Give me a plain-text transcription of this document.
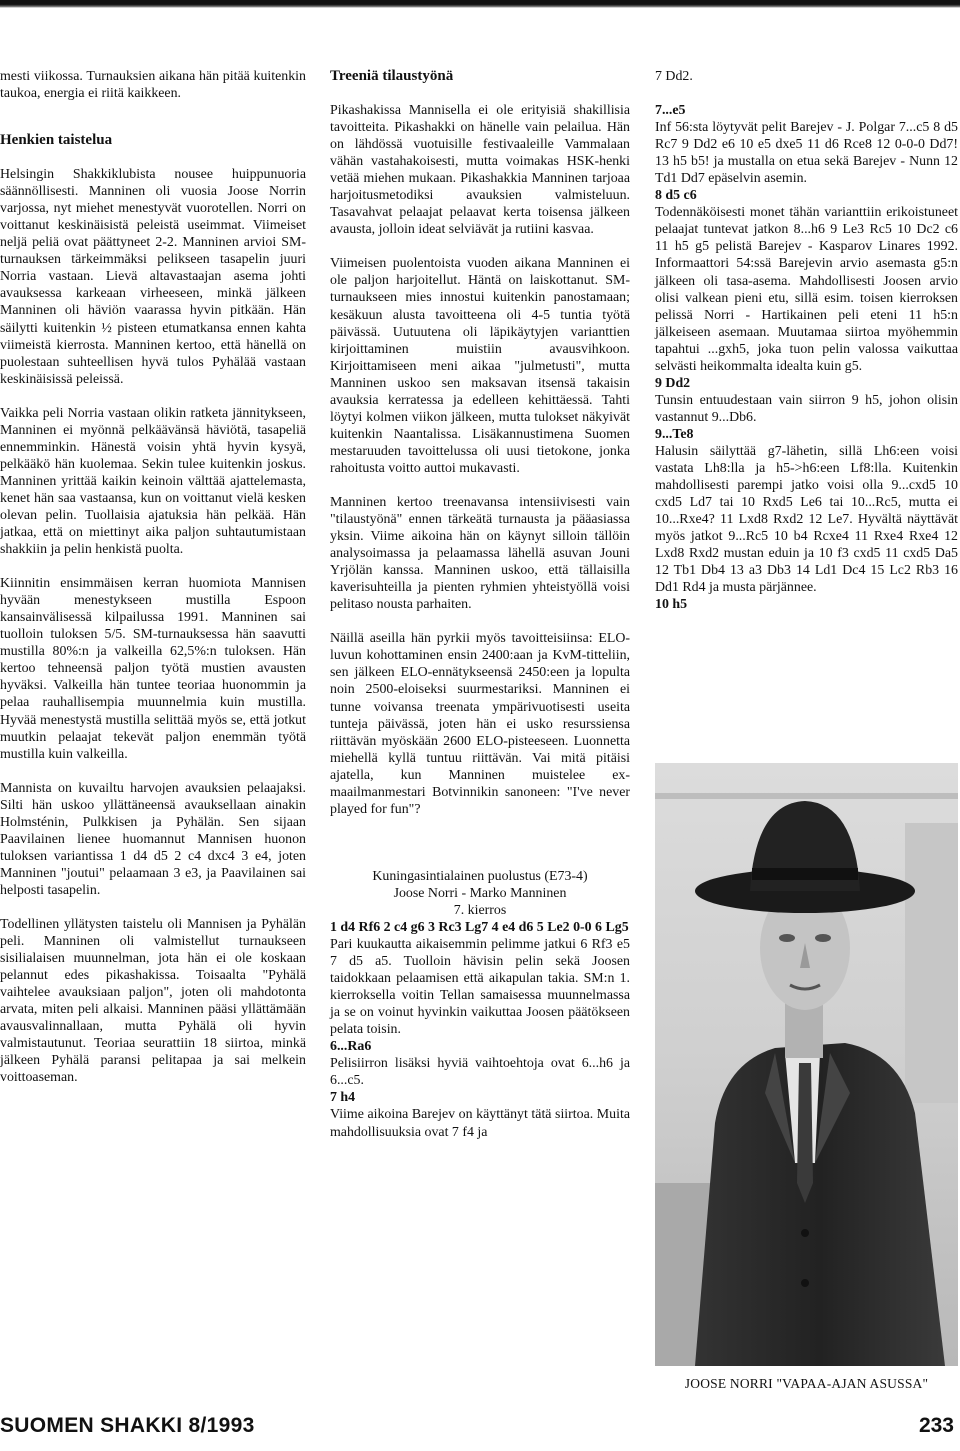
mesti viikossa. Turnauksien aikana hän pitää kuitenkin taukoa, energia ei riitä kaikkeen.

Henkien taistelua

Helsingin Shakkiklubista nousee huippunuoria säännöllisesti. Manninen oli vuosia Joose Norrin varjossa, nyt miehet menestyvät vuorotellen. Norri on voittanut keskinäisistä peleistä useimmat. Viimeiset neljä peliä ovat päättyneet 2-2. Manninen arvioi SM-turnauksen tärkeimmäksi pelikseen tasapelin juuri Norria vastaan. Lievä altavastaajan asema johti avauksessa karkeaan virheeseen, minkä jälkeen Manninen oli häviön vaarassa hyvin pitkään. Hän säilytti kuitenkin ½ pisteen etumatkansa ennen kahta viimeistä kierrosta. Manninen kertoo, että hänellä on puolestaan suhteellisen hyvä tulos Pyhälää vastaan keskinäisissä peleissä.

Vaikka peli Norria vastaan olikin ratketa jännitykseen, Manninen ei myönnä pelkäävänsä häviötä, tasapeliä ennemminkin. Hänestä voisin yhtä hyvin kysyä, pelkääkö hän kuolemaa. Sekin tulee kuitenkin joskus. Manninen yrittää kaikin keinoin välttää ajattelemasta, kenet hän saa vastaansa, kun on voittanut vielä kesken olevan pelin. Tuollaisia ajatuksia hän pelkää. Hän jatkaa, että on miettinyt aika paljon suhtautumistaan shakkiin ja pelin henkistä puolta.

Kiinnitin ensimmäisen kerran huomiota Mannisen hyvään menestykseen mustilla Espoon kansainvälisessä kilpailussa 1991. Manninen sai tuolloin tuloksen 5/5. SM-turnauksessa hän saavutti mustilla 80%:n ja valkeilla 62,5%:n tuloksen. Hän kertoo tehneensä paljon työtä mustien avausten hyväksi. Valkeilla hän tuntee teoriaa huonommin ja pelaa rauhallisempia muunnelmia kuin mustilla. Hyvää menestystä mustilla selittää myös se, että jotkut muutkin pelaajat tekevät paljon enemmän työtä mustilla kuin valkeilla.

Mannista on kuvailtu harvojen avauksien pelaajaksi. Silti hän uskoo yllättäneensä avauksellaan ainakin Holmsténin, Pulkkisen ja Pyhälän. Sen sijaan Paavilainen lienee huomannut Mannisen huonon tuloksen variantissa 1 d4 d5 2 c4 dxc4 3 e4, joten Manninen "joutui" pelaamaan 3 e3, ja Paavilainen sai helposti tasapelin.

Todellinen yllätysten taistelu oli Mannisen ja Pyhälän peli. Manninen oli valmistellut turnaukseen sisilialaisen muunnelman, jota hän ei ole koskaan pelannut edes pikashakissa. Toisaalta "Pyhälä vaihtelee avauksiaan paljon", joten oli mahdotonta arvata, miten peli alkaisi. Manninen pääsi yllättämään avausvalinnallaan, mutta Pyhälä oli hyvin valmistautunut. Teoriaa seurattiin 18 siirtoa, minkä jälkeen Pyhälä paransi pelitapaa ja sai melkein voittoaseman.

Treeniä tilaustyönä

Pikashakissa Mannisella ei ole erityisiä shakillisia tavoitteita. Pikashakki on hänelle vain pelailua. Hän on lähdössä vuotuisille festivaaleille Vammalaan vähän vastahakoisesti, mutta voimakas HSK-henki vetää miehen mukaan. Pikashakkia Manninen tarjoaa harjoitusmetodiksi avauksien valmisteluun. Tasavahvat pelaajat pelaavat kerta toisensa jälkeen avausta, jolloin ideat selviävät ja rutiini kasvaa.

Viimeisen puolentoista vuoden aikana Manninen ei ole paljon harjoitellut. Häntä on laiskottanut. SM-turnaukseen mies innostui kuitenkin panostamaan; kesäkuun alusta tavoitteena oli 4-5 tuntia työtä päivässä. Uutuutena oli läpikäytyjen varianttien kirjoittaminen muistiin avausvihkoon. Kirjoittamiseen meni aikaa "julmetusti", mutta Manninen uskoo sen maksavan itsensä takaisin avauksia kerratessa ja edelleen kehittäessä. Tahti löytyi kolmen viikon jälkeen, mutta tulokset näkyivät kuitenkin Naantalissa. Lisäkannustimena Suomen mestaruuden tavoittelussa oli uusi tietokone, jonka rahoitusta voitto auttoi mukavasti.

Manninen kertoo treenavansa intensiivisesti vain "tilaustyönä" ennen tärkeätä turnausta ja pääasiassa yksin. Viime aikoina hän on käynyt silloin tällöin analysoimassa ja pelaamassa lähellä asuvan Jouni Yrjölän kanssa. Manninen uskoo, että tällaisilla kaverisuhteilla ja pienten ryhmien yhteistyöllä voisi pelitaso nousta parhaiten.

Näillä aseilla hän pyrkii myös tavoitteisiinsa: ELO-luvun kohottaminen ensin 2400:aan ja KvM-titteliin, sen jälkeen ELO-ennätykseensä 2450:een ja lopulta noin 2500-eloiseksi suurmestariksi. Manninen ei tunne voivansa treenata ympärivuotisesti useita tunteja päivässä, joten hän ei usko resurssiensa riittävän myöskään 2600 ELO-pisteeseen. Luonnetta miehellä kyllä tuntuu riittävän. Vai mitä pitäisi ajatella, kun Manninen muistelee ex-maailmanmestari Botvinnikin sanoneen: "I've never played for fun"?

Kuningasintialainen puolustus (E73-4)

Joose Norri - Marko Manninen

7. kierros

1 d4 Rf6 2 c4 g6 3 Rc3 Lg7 4 e4 d6 5 Le2 0-0 6 Lg5

Pari kuukautta aikaisemmin pelimme jatkui 6 Rf3 e5 7 d5 a5. Tuolloin hävisin pelin sekä Joosen taidokkaan pelaamisen että aikapulan takia. SM:n 1. kierroksella voitin Tellan samaisessa muunnelmassa ja se on voinut hyvinkin vaikuttaa Joosen päätökseen pelata toisin.

6...Ra6

Pelisiirron lisäksi hyviä vaihtoehtoja ovat 6...h6 ja 6...c5.

7 h4

Viime aikoina Barejev on käyttänyt tätä siirtoa. Muita mahdollisuuksia ovat 7 f4 ja

7 Dd2.

7...e5

Inf 56:sta löytyvät pelit Barejev - J. Polgar 7...c5 8 d5 Rc7 9 Dd2 e6 10 e5 dxe5 11 d6 Rce8 12 0-0-0 Dd7! 13 h5 b5! ja mustalla on etua sekä Barejev - Nunn 12 Td1 Dd7 epäselvin asemin.

8 d5 c6

Todennäköisesti monet tähän varianttiin erikoistuneet pelaajat tuntevat jatkon 8...h6 9 Le3 Rc5 10 Dc2 c6 11 h5 g5 pelistä Barejev - Kasparov Linares 1992. Informaattori 54:ssä Barejevin arvio asemasta g5:n jälkeen oli tasa-asema. Mahdollisesti Joosen arvio olisi valkean pieni etu, sillä esim. toisen kierroksen pelissä Norri - Hartikainen peli eteni 11 h5:n jälkeiseen asemaan. Muutamaa siirtoa myöhemmin tapahtui ...gxh5, joka tuon pelin valossa vaikuttaa selvästi heikommalta idealta kuin g5.

9 Dd2

Tunsin entuudestaan vain siirron 9 h5, johon olisin vastannut 9...Db6.

9...Te8

Halusin säilyttää g7-lähetin, sillä Lh6:een voisi vastata Lh8:lla ja h5->h6:een Lf8:lla. Kuitenkin mahdollisesti parempi jatko voisi olla 9...cxd5 10 cxd5 Ld7 tai 10 Rxd5 Le6 tai 10...Rc5, mutta ei 10...Rxe4? 11 Lxd8 Rxd2 12 Le7. Hyvältä näyttävät myös jatkot 9...Rc5 10 b4 Rcxe4 11 Rxe4 Rxe4 12 Lxd8 Rxd2 mustan eduin ja 10 f3 cxd5 11 cxd5 Da5 12 Tb1 Db4 13 a3 Db3 14 Ld1 Dc4 15 Lc2 Rb3 16 Dd1 Rd4 ja musta pärjännee.

10 h5

JOOSE NORRI "VAPAA-AJAN ASUSSA"
SUOMEN SHAKKI 8/1993	233
